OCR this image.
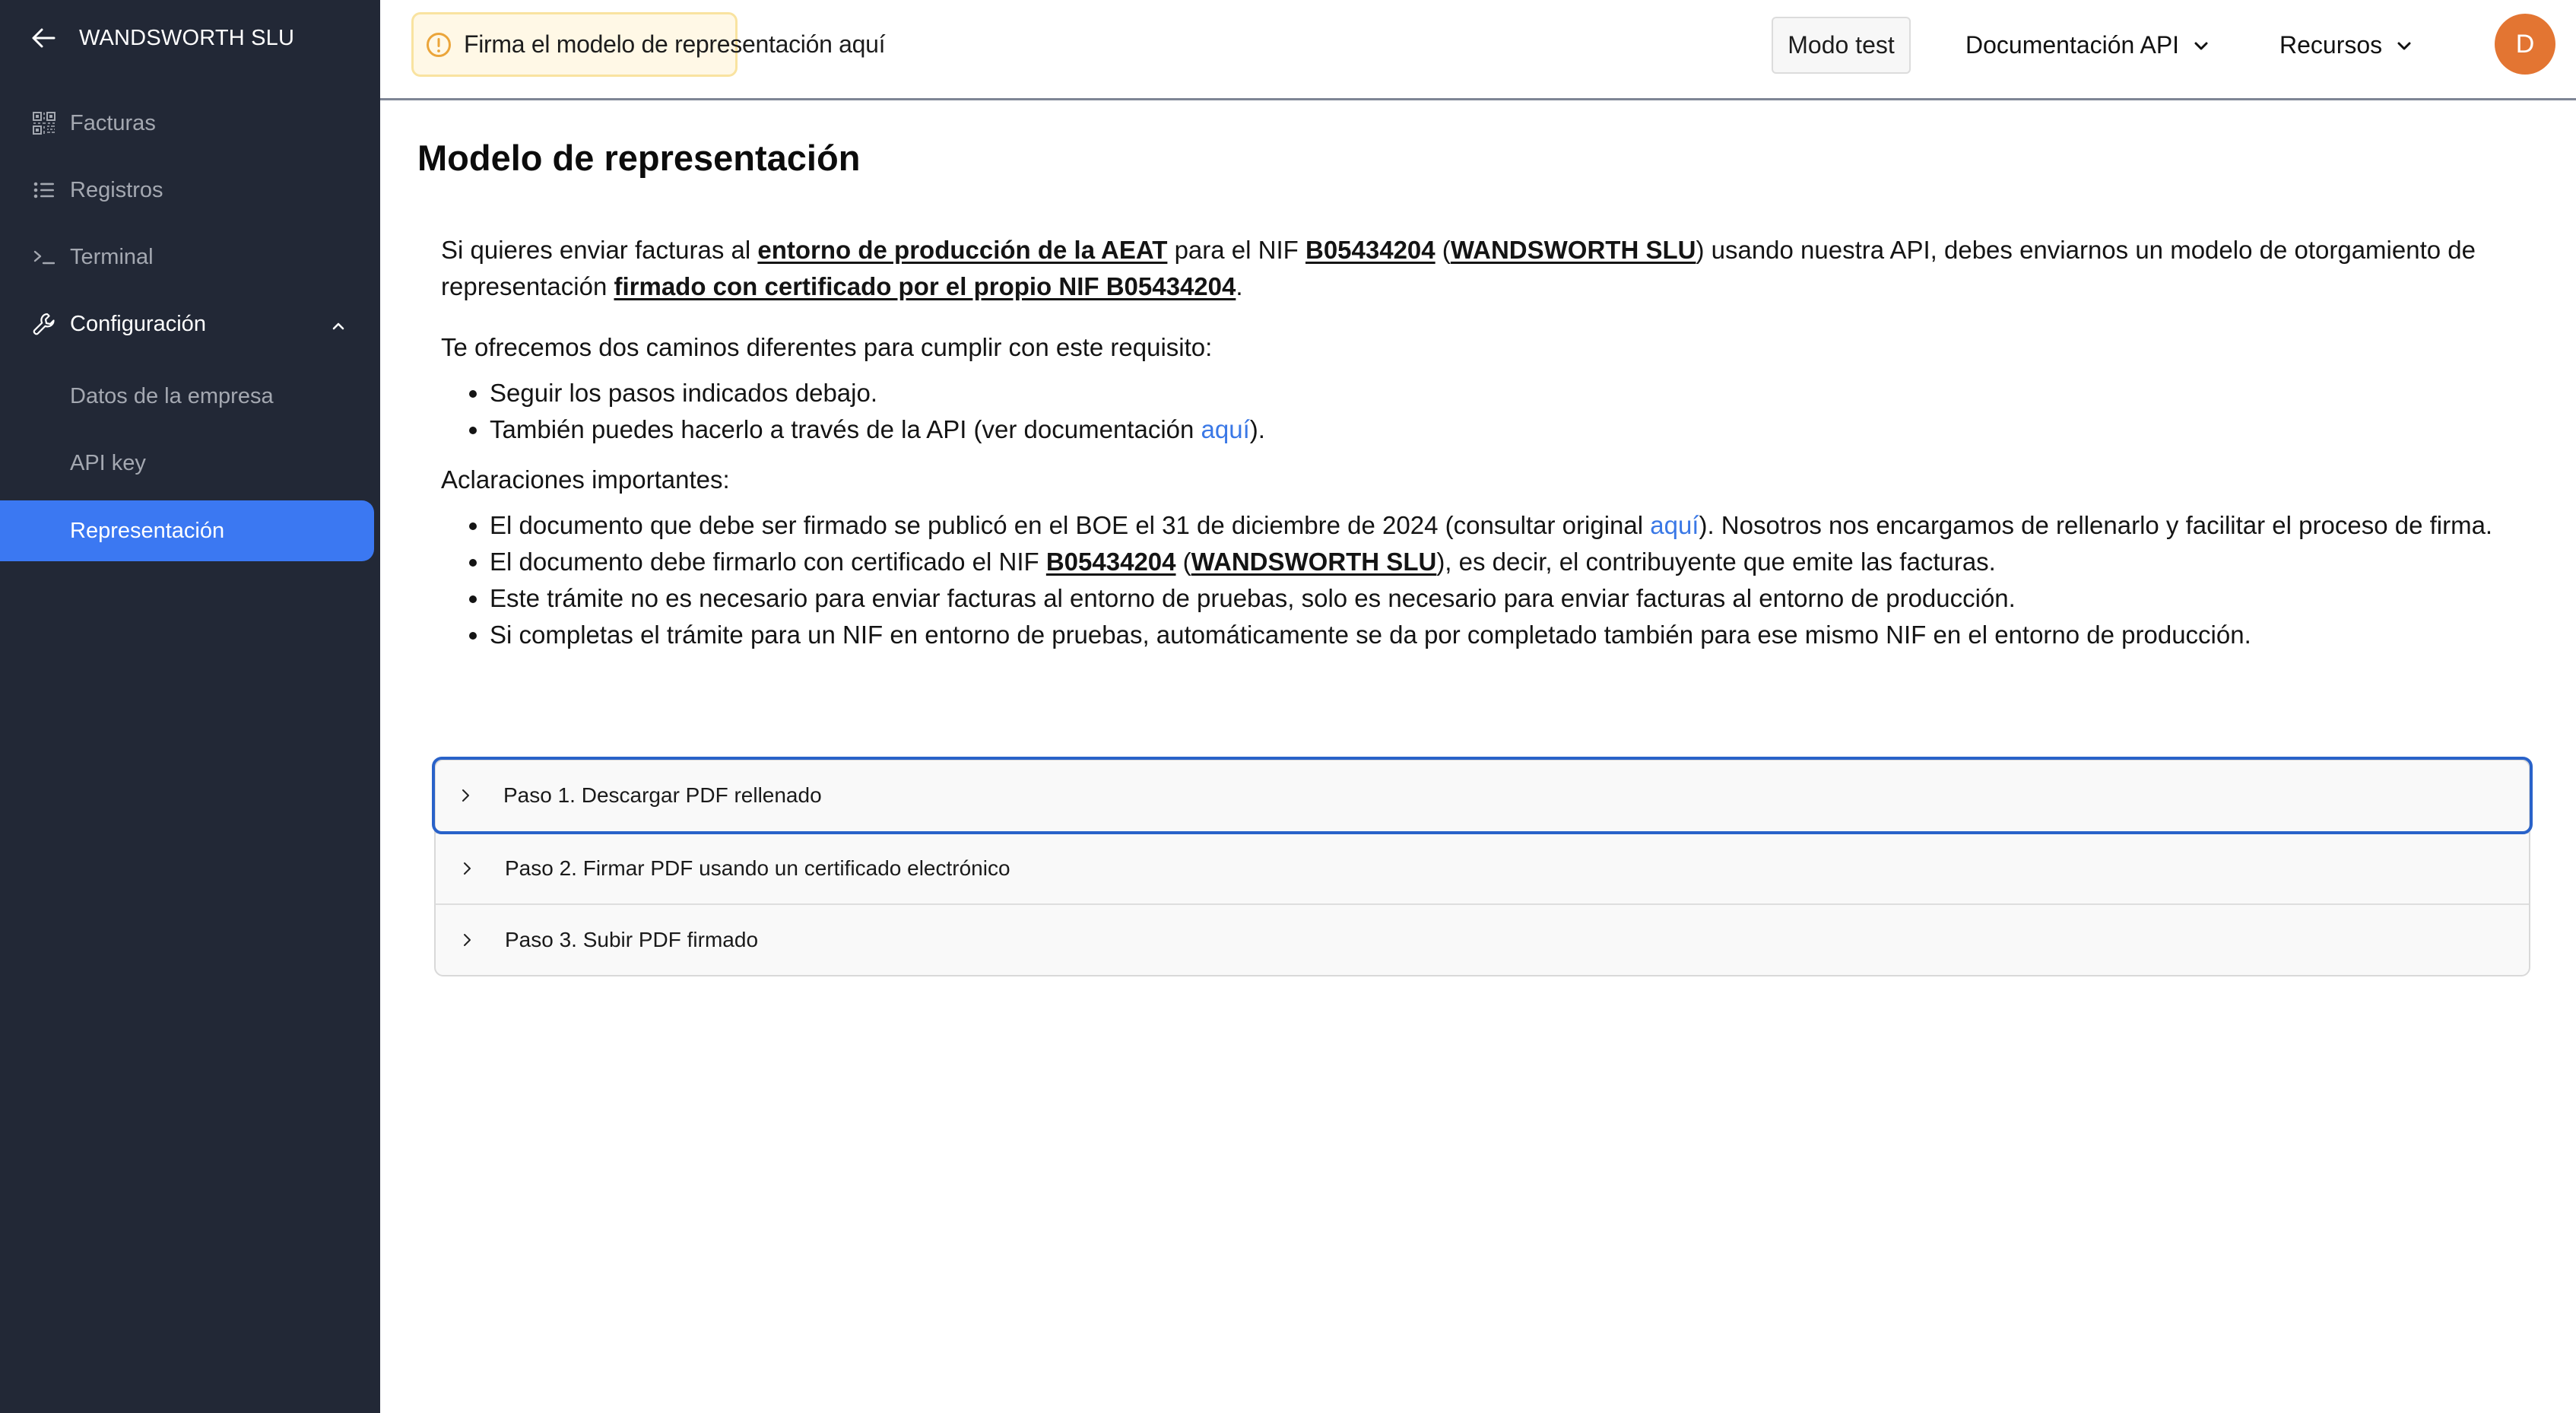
WANDSWORTH SLU
Facturas
Registros
Terminal
Configuración
Datos de la empresa
API key
Representación
Firma el modelo de representación aquí	Modo test	Documentación API	Recursos	D
Modelo de representación

Si quieres enviar facturas al entorno de producción de la AEAT para el NIF B05434204 (WANDSWORTH SLU) usando nuestra API, debes enviarnos un modelo de otorgamiento de representación firmado con certificado por el propio NIF B05434204.

Te ofrecemos dos caminos diferentes para cumplir con este requisito:

Seguir los pasos indicados debajo.
También puedes hacerlo a través de la API (ver documentación aquí).

Aclaraciones importantes:

El documento que debe ser firmado se publicó en el BOE el 31 de diciembre de 2024 (consultar original aquí). Nosotros nos encargamos de rellenarlo y facilitar el proceso de firma.
El documento debe firmarlo con certificado el NIF B05434204 (WANDSWORTH SLU), es decir, el contribuyente que emite las facturas.
Este trámite no es necesario para enviar facturas al entorno de pruebas, solo es necesario para enviar facturas al entorno de producción.
Si completas el trámite para un NIF en entorno de pruebas, automáticamente se da por completado también para ese mismo NIF en el entorno de producción.
Paso 1. Descargar PDF rellenado
Paso 2. Firmar PDF usando un certificado electrónico
Paso 3. Subir PDF firmado
